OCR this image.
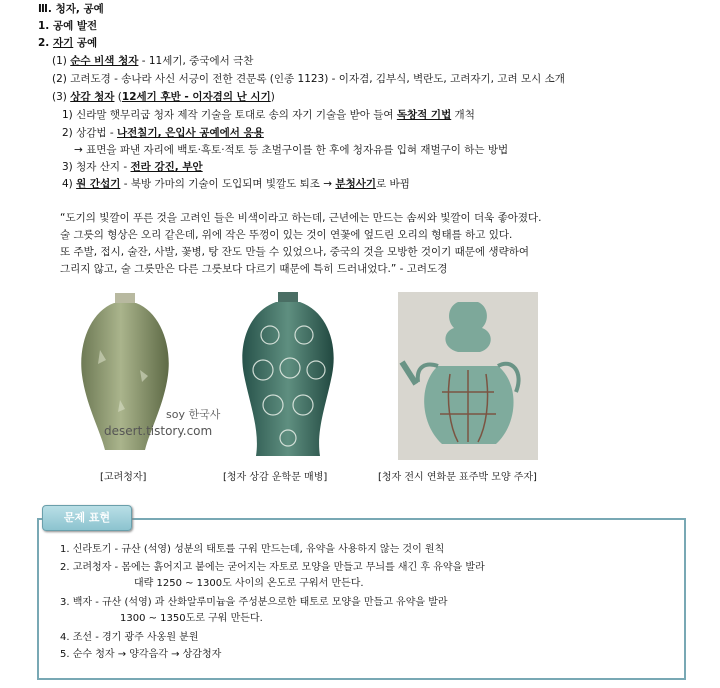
Ⅲ. 청자, 공예
1. 공예 발전
2. 자기 공예
(1) 순수 비색 청자 - 11세기, 중국에서 극찬
(2) 고려도경 - 송나라 사신 서긍이 전한 견문록 (인종 1123) - 이자겸, 김부식, 벽란도, 고려자기, 고려 모시 소개
(3) 상감 청자 (12세기 후반 - 이자겸의 난 시기)
1) 신라말 햇무리굽 청자 제작 기술을 토대로 송의 자기 기술을 받아 들여 독창적 기법 개척
2) 상감법 - 나전칠기, 은입사 공예에서 응용
→ 표면을 파낸 자리에 백토·흑토·적토 등 초벌구이를 한 후에 청자유를 입혀 재벌구이 하는 방법
3) 청자 산지 - 전라 강진, 부안
4) 원 간섭기 - 북방 가마의 기술이 도입되며 빛깔도 퇴조 → 분청사기로 바뀜
“도기의 빛깔이 푸른 것을 고려인 들은 비색이라고 하는데, 근년에는 만드는 솜씨와 빛깔이 더욱 좋아졌다.
술 그릇의 형상은 오리 같은데, 위에 작은 뚜껑이 있는 것이 연꽃에 엎드린 오리의 형태를 하고 있다.
또 주발, 접시, 술잔, 사발, 꽃병, 탕 잔도 만들 수 있었으나, 중국의 것을 모방한 것이기 때문에 생략하여
그리지 않고, 술 그릇만은 다른 그릇보다 다르기 때문에 특히 드러내었다.” - 고려도경
soy 한국사
desert.tistory.com
[고려청자]	[청자 상감 운학문 매병]	[청자 전시 연화문 표주박 모양 주자]
문제 표현
1. 신라토기 - 규산 (석영) 성분의 태토를 구워 만드는데, 유약을 사용하지 않는 것이 원칙
2. 고려청자 - 몸에는 흙어지고 붙에는 굳어지는 자토로 모양을 만들고 무늬를 새긴 후 유약을 발라
대략 1250 ~ 1300도 사이의 온도로 구워서 만든다.
3. 백자 - 규산 (석영) 과 산화알루미늄을 주성분으로한 태토로 모양을 만들고 유약을 발라
1300 ~ 1350도로 구워 만든다.
4. 조선 - 경기 광주 사옹원 분원
5. 순수 청자 → 양각음각 → 상감청자
